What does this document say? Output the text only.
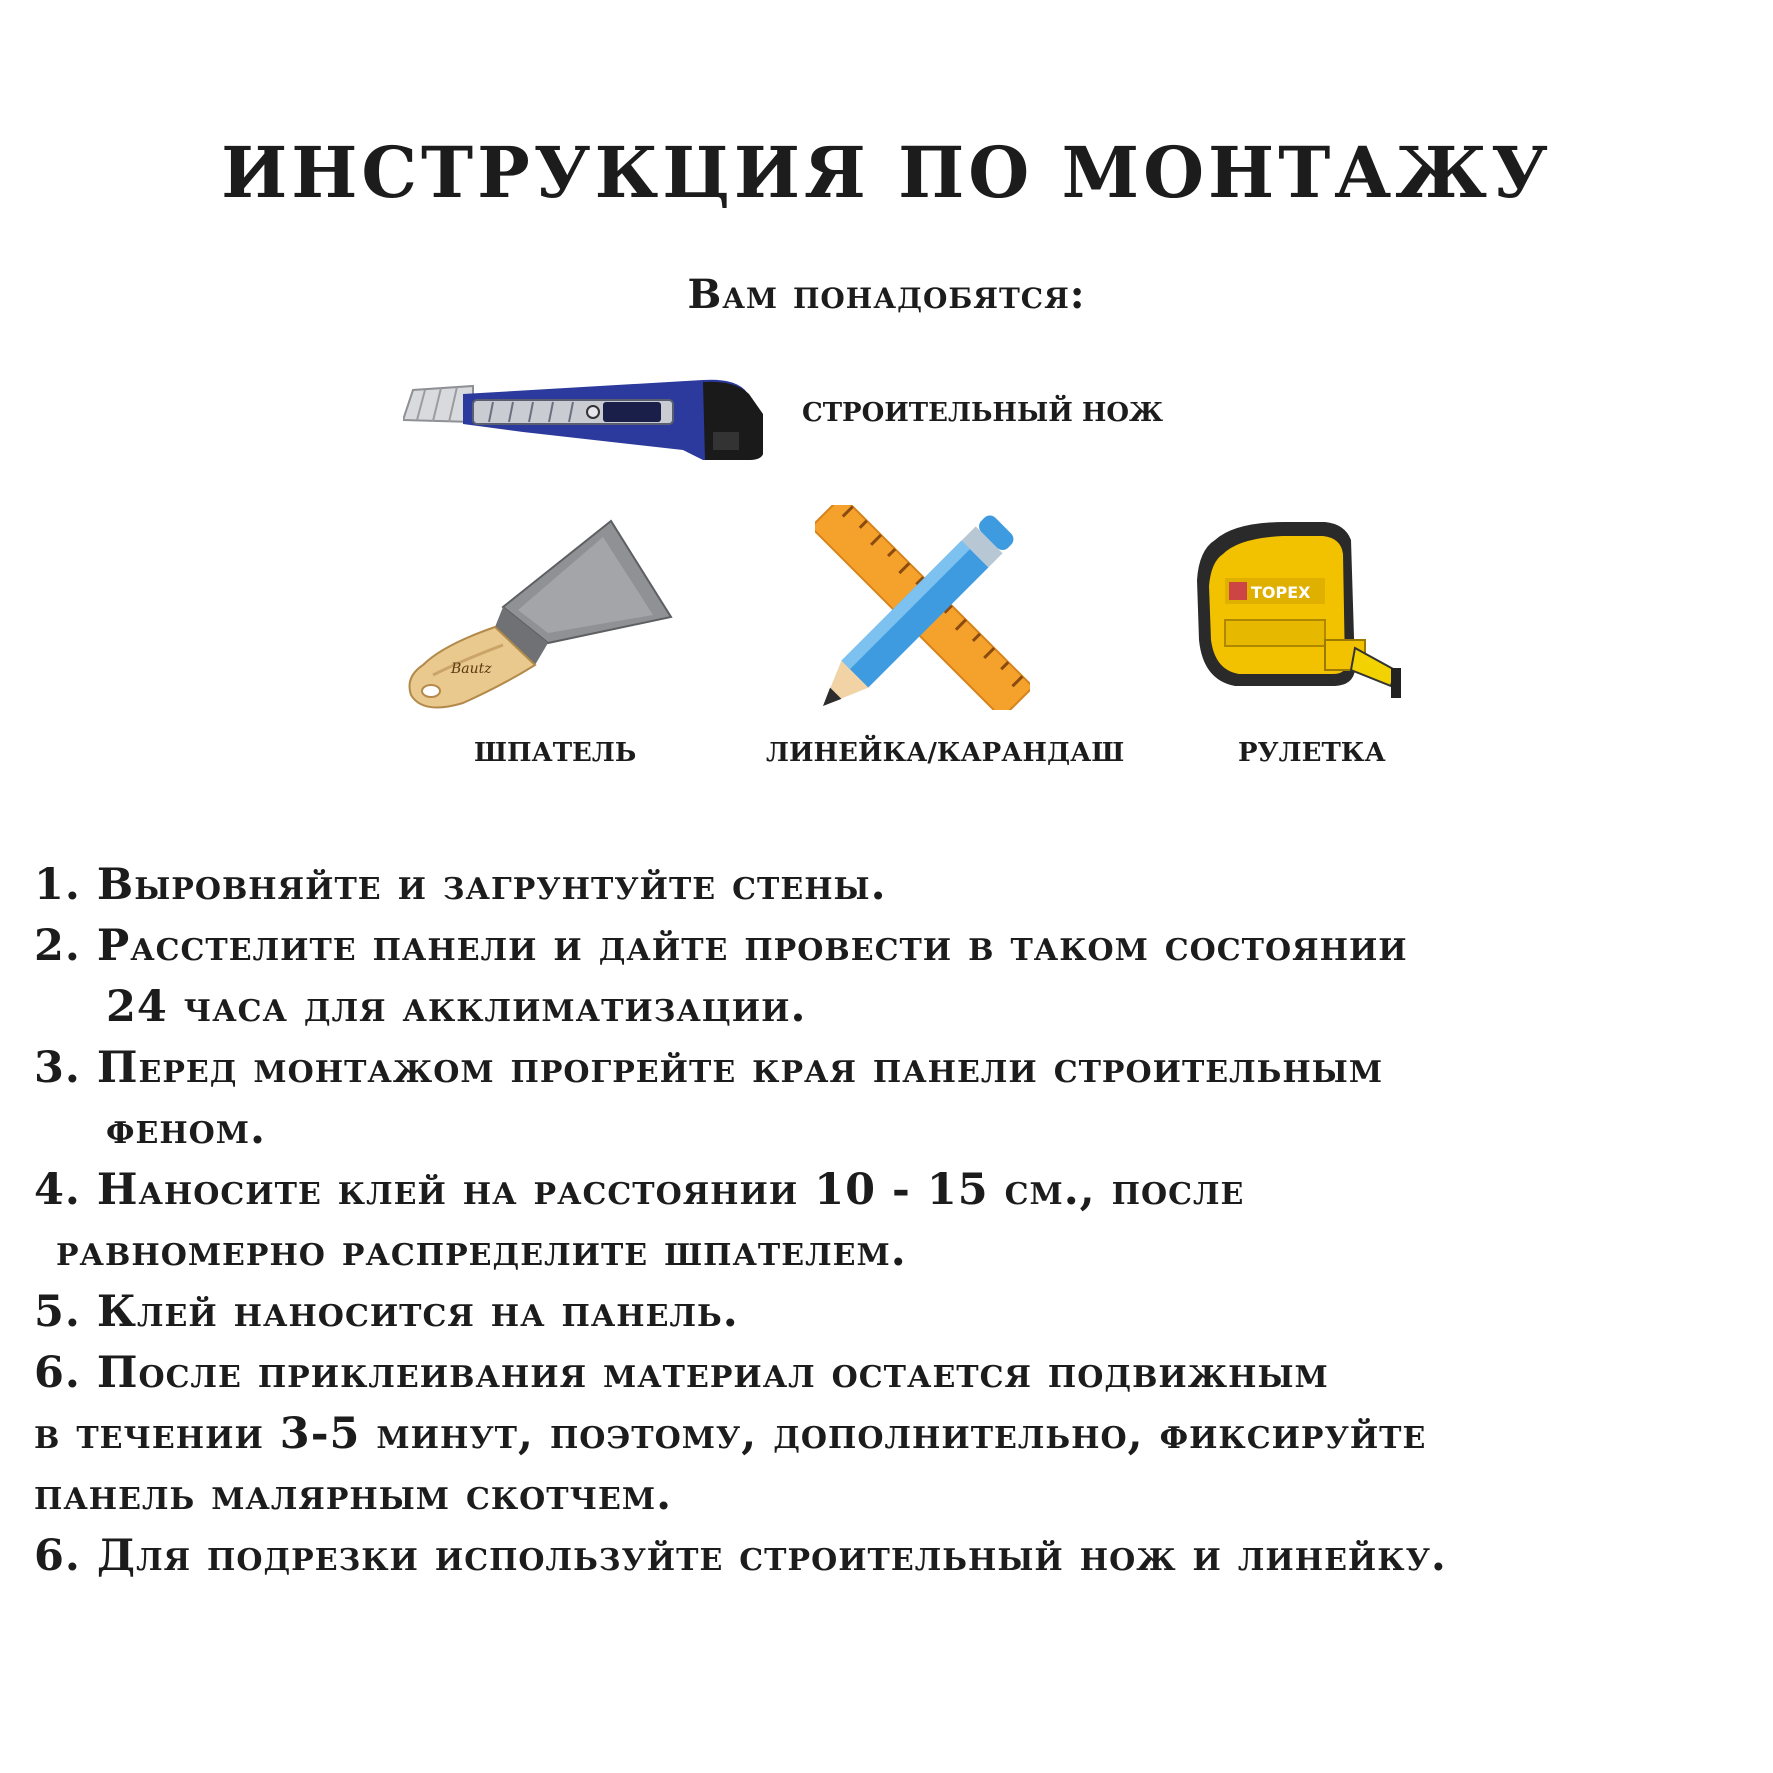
ИНСТРУКЦИЯ ПО МОНТАЖУ
Вам понадобятся:
СТРОИТЕЛЬНЫЙ НОЖ
Bautz
ШПАТЕЛЬ	ЛИНЕЙКА/КАРАНДАШ
TOPEX
РУЛЕТКА
1. Выровняйте и загрунтуйте стены.
2. Расстелите панели и дайте провести в таком состоянии
24 часа для акклиматизации.
3. Перед монтажом прогрейте края панели строительным
феном.
4. Наносите клей на расстоянии 10 - 15 см., после
равномерно распределите шпателем.
5. Клей наносится на панель.
6. После приклеивания материал остается подвижным
в течении 3-5 минут, поэтому, дополнительно, фиксируйте
панель малярным скотчем.
6. Для подрезки используйте строительный нож и линейку.
